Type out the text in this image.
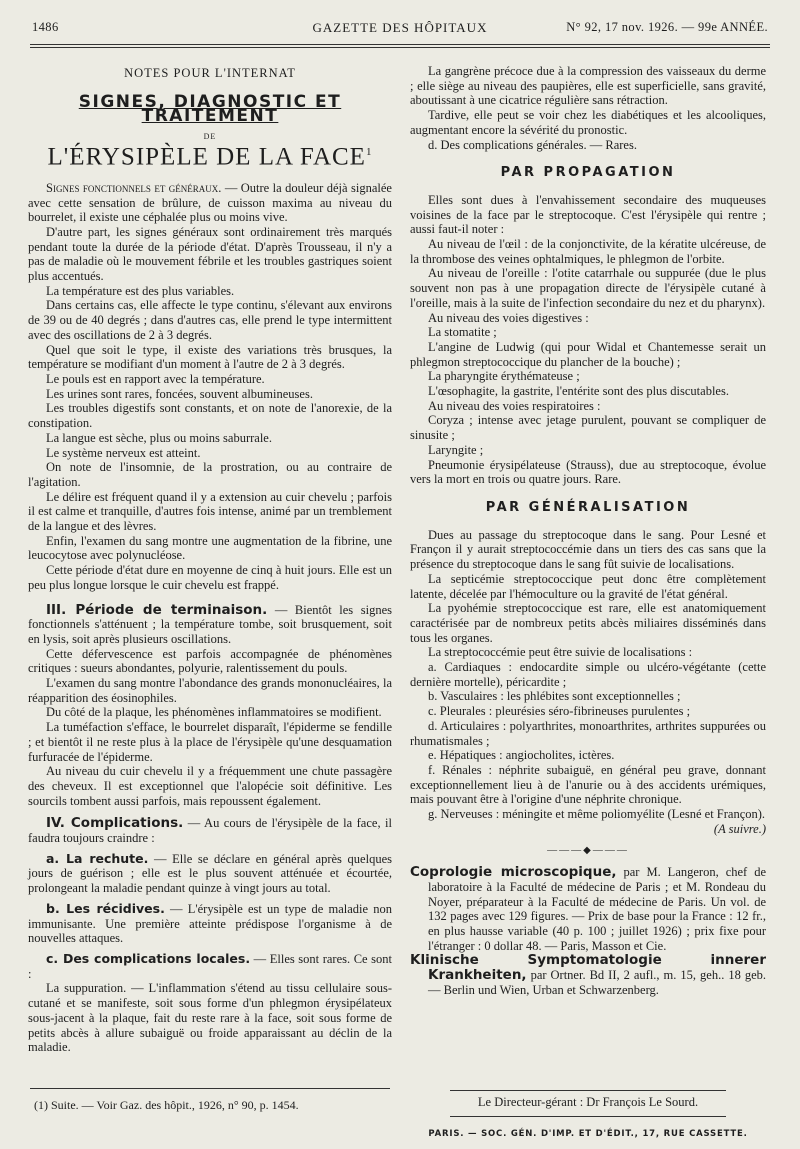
1486	GAZETTE DES HÔPITAUX	N° 92, 17 nov. 1926. — 99e ANNÉE.
NOTES POUR L'INTERNAT
SIGNES, DIAGNOSTIC ET TRAITEMENT
DE
L'ÉRYSIPÈLE DE LA FACE$^1$

Signes fonctionnels et généraux. — Outre la douleur déjà signalée avec cette sensation de brûlure, de cuisson maxima au niveau du bourrelet, il existe une céphalée plus ou moins vive.

D'autre part, les signes généraux sont ordinairement très marqués pendant toute la durée de la période d'état. D'après Trousseau, il n'y a pas de maladie où le mouvement fébrile et les troubles gastriques soient plus accentués.

La température est des plus variables.

Dans certains cas, elle affecte le type continu, s'élevant aux environs de 39 ou de 40 degrés ; dans d'autres cas, elle prend le type intermittent avec des oscillations de 2 à 3 degrés.

Quel que soit le type, il existe des variations très brusques, la température se modifiant d'un moment à l'autre de 2 à 3 degrés.

Le pouls est en rapport avec la température.

Les urines sont rares, foncées, souvent albumineuses.

Les troubles digestifs sont constants, et on note de l'anorexie, de la constipation.

La langue est sèche, plus ou moins saburrale.

Le système nerveux est atteint.

On note de l'insomnie, de la prostration, ou au contraire de l'agitation.

Le délire est fréquent quand il y a extension au cuir chevelu ; parfois il est calme et tranquille, d'autres fois intense, animé par un tremblement de la langue et des lèvres.

Enfin, l'examen du sang montre une augmentation de la fibrine, une leucocytose avec polynucléose.

Cette période d'état dure en moyenne de cinq à huit jours. Elle est un peu plus longue lorsque le cuir chevelu est frappé.

III. Période de terminaison. — Bientôt les signes fonctionnels s'atténuent ; la température tombe, soit brusquement, soit en lysis, soit après plusieurs oscillations.

Cette défervescence est parfois accompagnée de phénomènes critiques : sueurs abondantes, polyurie, ralentissement du pouls.

L'examen du sang montre l'abondance des grands mononucléaires, la réapparition des éosinophiles.

Du côté de la plaque, les phénomènes inflammatoires se modifient.

La tuméfaction s'efface, le bourrelet disparaît, l'épiderme se fendille ; et bientôt il ne reste plus à la place de l'érysipèle qu'une desquamation furfuracée de l'épiderme.

Au niveau du cuir chevelu il y a fréquemment une chute passagère des cheveux. Il est exceptionnel que l'alopécie soit définitive. Les sourcils tombent aussi parfois, mais repoussent également.

IV. Complications. — Au cours de l'érysipèle de la face, il faudra toujours craindre :

a. La rechute. — Elle se déclare en général après quelques jours de guérison ; elle est le plus souvent atténuée et écourtée, prolongeant la maladie pendant quinze à vingt jours au total.

b. Les récidives. — L'érysipèle est un type de maladie non immunisante. Une première atteinte prédispose l'organisme à de nouvelles attaques.

c. Des complications locales. — Elles sont rares. Ce sont :

La suppuration. — L'inflammation s'étend au tissu cellulaire sous-cutané et se manifeste, soit sous forme d'un phlegmon érysipélateux sous-jacent à la plaque, fait du reste rare à la face, soit sous forme de petits abcès à allure subaiguë ou froide apparaissant au déclin de la maladie.

(1) Suite. — Voir Gaz. des hôpit., 1926, n° 90, p. 1454.

La gangrène précoce due à la compression des vaisseaux du derme ; elle siège au niveau des paupières, elle est superficielle, sans gravité, aboutissant à une cicatrice régulière sans rétraction.

Tardive, elle peut se voir chez les diabétiques et les alcooliques, augmentant encore la sévérité du pronostic.

d. Des complications générales. — Rares.

PAR PROPAGATION

Elles sont dues à l'envahissement secondaire des muqueuses voisines de la face par le streptocoque. C'est l'érysipèle qui rentre ; aussi faut-il noter :

Au niveau de l'œil : de la conjonctivite, de la kératite ulcéreuse, de la thrombose des veines ophtalmiques, le phlegmon de l'orbite.

Au niveau de l'oreille : l'otite catarrhale ou suppurée (due le plus souvent non pas à une propagation directe de l'érysipèle cutané à l'oreille, mais à la suite de l'infection secondaire du nez et du pharynx).

Au niveau des voies digestives :

La stomatite ;

L'angine de Ludwig (qui pour Widal et Chantemesse serait un phlegmon streptococcique du plancher de la bouche) ;

La pharyngite érythémateuse ;

L'œsophagite, la gastrite, l'entérite sont des plus discutables.

Au niveau des voies respiratoires :

Coryza ; intense avec jetage purulent, pouvant se compliquer de sinusite ;

Laryngite ;

Pneumonie érysipélateuse (Strauss), due au streptocoque, évolue vers la mort en trois ou quatre jours. Rare.

PAR GÉNÉRALISATION

Dues au passage du streptocoque dans le sang. Pour Lesné et Françon il y aurait streptococcémie dans un tiers des cas sans que la présence du streptocoque dans le sang fût suivie de localisations.

La septicémie streptococcique peut donc être complètement latente, décelée par l'hémoculture ou la gravité de l'état général.

La pyohémie streptococcique est rare, elle est anatomiquement caractérisée par de nombreux petits abcès miliaires disséminés dans tous les organes.

La streptococcémie peut être suivie de localisations :

a. Cardiaques : endocardite simple ou ulcéro-végétante (cette dernière mortelle), péricardite ;

b. Vasculaires : les phlébites sont exceptionnelles ;

c. Pleurales : pleurésies séro-fibrineuses purulentes ;

d. Articulaires : polyarthrites, monoarthrites, arthrites suppurées ou rhumatismales ;

e. Hépatiques : angiocholites, ictères.

f. Rénales : néphrite subaiguë, en général peu grave, donnant exceptionnellement lieu à de l'anurie ou à des accidents urémiques, mais pouvant être à l'origine d'une néphrite chronique.

g. Nerveuses : méningite et même poliomyélite (Lesné et Françon).

(A suivre.)

———◆———

Coprologie microscopique, par M. Langeron, chef de laboratoire à la Faculté de médecine de Paris ; et M. Rondeau du Noyer, préparateur à la Faculté de médecine de Paris. Un vol. de 132 pages avec 129 figures. — Prix de base pour la France : 12 fr., en plus hausse variable (40 p. 100 ; juillet 1926) ; prix fixe pour l'étranger : 0 dollar 48. — Paris, Masson et Cie.

Klinische Symptomatologie innerer Krankheiten, par Ortner. Bd II, 2 aufl., m. 15, geh.. 18 geb. — Berlin und Wien, Urban et Schwarzenberg.

Le Directeur-gérant : Dr François Le Sourd.
PARIS. — SOC. GÉN. D'IMP. ET D'ÉDIT., 17, RUE CASSETTE.
